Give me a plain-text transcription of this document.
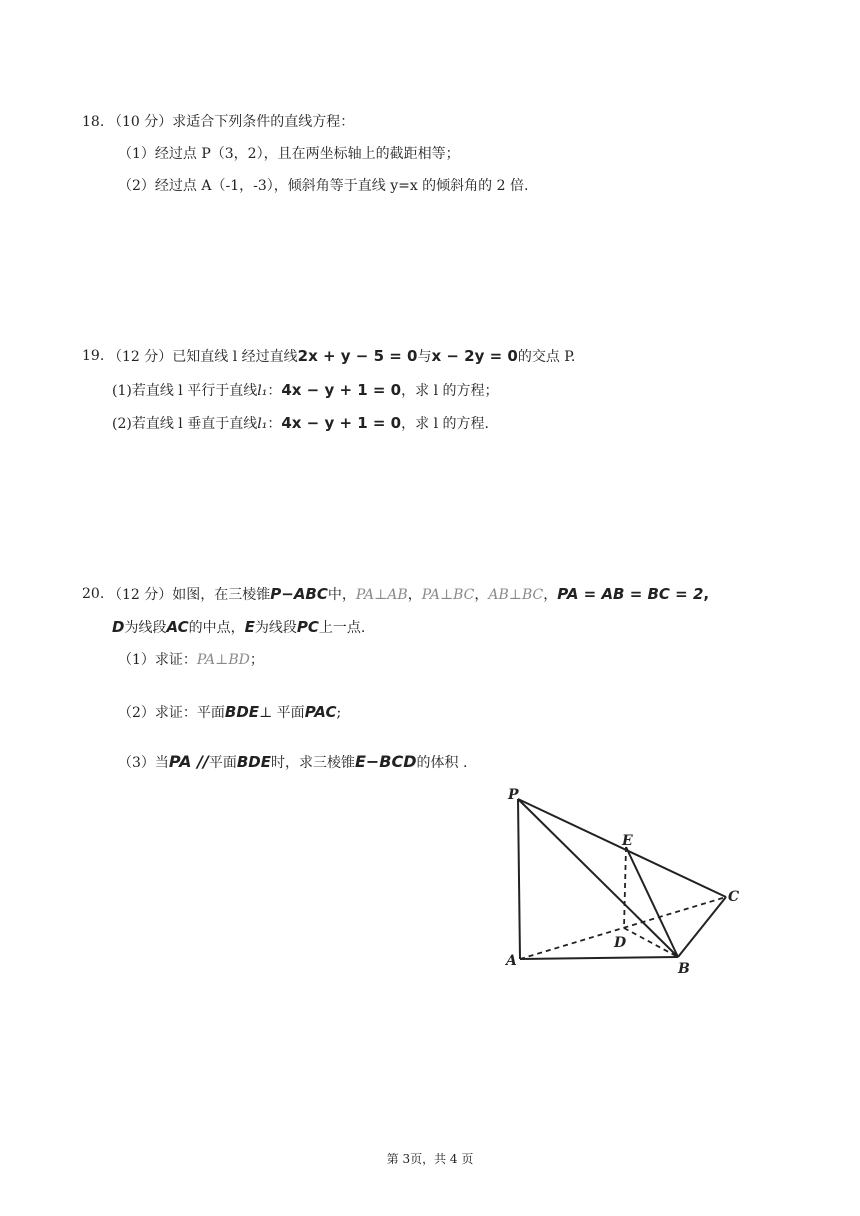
18. （10 分）求适合下列条件的直线方程：
（1）经过点 P（3，2），且在两坐标轴上的截距相等；
（2）经过点 A（-1，-3），倾斜角等于直线 y=x 的倾斜角的 2 倍.
19. （12 分）已知直线 l 经过直线2x + y − 5 = 0与x − 2y = 0的交点 P.
(1)若直线 l 平行于直线l₁：4x − y + 1 = 0，求 l 的方程；
(2)若直线 l 垂直于直线l₁：4x − y + 1 = 0，求 l 的方程.
20. （12 分）如图，在三棱锥P−ABC中，PA⊥AB，PA⊥BC，AB⊥BC，PA = AB = BC = 2,
D为线段AC的中点，E为线段PC上一点.
（1）求证：PA⊥BD；
（2）求证：平面BDE⊥ 平面PAC;
（3）当PA //平面BDE时，求三棱锥E−BCD的体积 .
P
E
C
D
A	B
第 3页，共 4 页
